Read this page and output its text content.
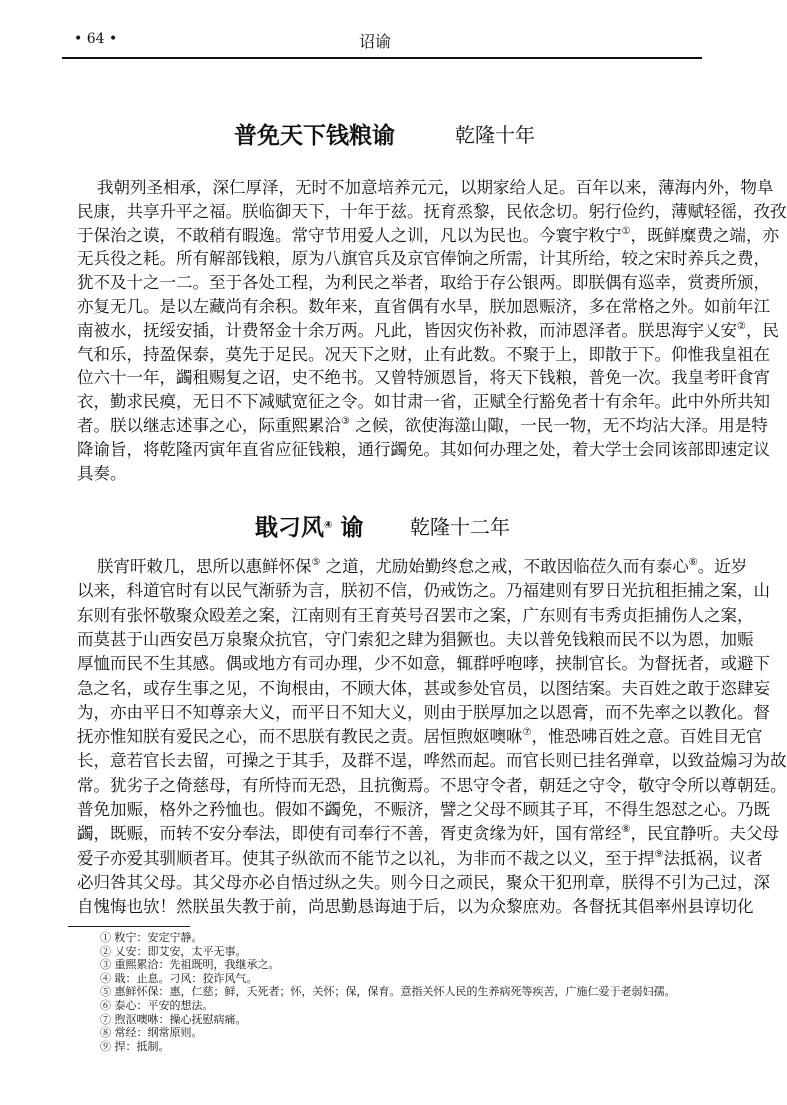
• 64 •	诏谕
普免天下钱粮谕	乾隆十年
我朝列圣相承，深仁厚泽，无时不加意培养元元，以期家给人足。百年以来，薄海内外，物阜
民康，共享升平之福。朕临御天下，十年于兹。抚育烝黎，民依念切。躬行俭约，薄赋轻徭，孜孜
于保治之谟，不敢稍有暇逸。常守节用爱人之训，凡以为民也。今寰宇敉宁①，既鲜糜费之端，亦
无兵役之耗。所有解部钱粮，原为八旗官兵及京官俸饷之所需，计其所给，较之宋时养兵之费，
犹不及十之一二。至于各处工程，为利民之举者，取给于存公银两。即朕偶有巡幸，赏赉所颁，
亦复无几。是以左藏尚有余积。数年来，直省偶有水旱，朕加恩赈济，多在常格之外。如前年江
南被水，抚绥安插，计费帑金十余万两。凡此，皆因灾伤补救，而沛恩泽者。朕思海宇乂安②，民
气和乐，持盈保泰，莫先于足民。况天下之财，止有此数。不聚于上，即散于下。仰惟我皇祖在
位六十一年，蠲租赐复之诏，史不绝书。又曾特颁恩旨，将天下钱粮，普免一次。我皇考旰食宵
衣，勤求民瘼，无日不下减赋宽征之令。如甘肃一省，正赋全行豁免者十有余年。此中外所共知
者。朕以继志述事之心，际重熙累洽③ 之候，欲使海澨山陬，一民一物，无不均沾大泽。用是特
降谕旨，将乾隆丙寅年直省应征钱粮，通行蠲免。其如何办理之处，着大学士会同该部即速定议
具奏。
戢刁风④ 谕 乾隆十二年
朕宵旰敕几，思所以惠鲜怀保⑤ 之道，尤励始勤终怠之戒，不敢因临莅久而有泰心⑥。近岁
以来，科道官时有以民气渐骄为言，朕初不信，仍戒饬之。乃福建则有罗日光抗租拒捕之案，山
东则有张怀敬聚众殴差之案，江南则有王育英号召罢市之案，广东则有韦秀贞拒捕伤人之案，
而莫甚于山西安邑万泉聚众抗官，守门索犯之肆为猖獗也。夫以普免钱粮而民不以为恩，加赈
厚恤而民不生其感。偶或地方有司办理，少不如意，辄群呼咆哮，挟制官长。为督抚者，或避下
急之名，或存生事之见，不询根由，不顾大体，甚或参处官员，以图结案。夫百姓之敢于恣肆妄
为，亦由平日不知尊亲大义，而平日不知大义，则由于朕厚加之以恩膏，而不先率之以教化。督
抚亦惟知朕有爱民之心，而不思朕有教民之责。居恒煦妪噢咻⑦，惟恐咈百姓之意。百姓目无官
长，意若官长去留，可操之于其手，及群不逞，哗然而起。而官长则已挂名弹章，以致益煽习为故
常。犹劣子之倚慈母，有所恃而无恐，且抗衡焉。不思守令者，朝廷之守令，敬守令所以尊朝廷。
普免加赈，格外之矜恤也。假如不蠲免，不赈济，譬之父母不顾其子耳，不得生怨怼之心。乃既
蠲，既赈，而转不安分奉法，即使有司奉行不善，胥吏贪缘为奸，国有常经⑧，民宜静听。夫父母
爱子亦爱其驯顺者耳。使其子纵欲而不能节之以礼，为非而不裁之以义，至于捍⑨法抵祸，议者
必归咎其父母。其父母亦必自悟过纵之失。则今日之顽民，聚众干犯刑章，朕得不引为己过，深
自愧悔也欤！然朕虽失教于前，尚思勤恳诲迪于后，以为众黎庶劝。各督抚其倡率州县谆切化
① 敉宁：安定宁静。
② 乂安：即艾安，太平无事。
③ 重熙累洽：先祖既明，我继承之。
④ 戢：止息。刁风：狡诈风气。
⑤ 惠鲜怀保：惠，仁慈；鲜，夭死者；怀，关怀；保，保育。意指关怀人民的生养病死等疾苦，广施仁爱于老弱妇孺。
⑥ 泰心：平安的想法。
⑦ 煦沤噢咻：操心抚慰病痛。
⑧ 常经：纲常原则。
⑨ 捍：抵制。
